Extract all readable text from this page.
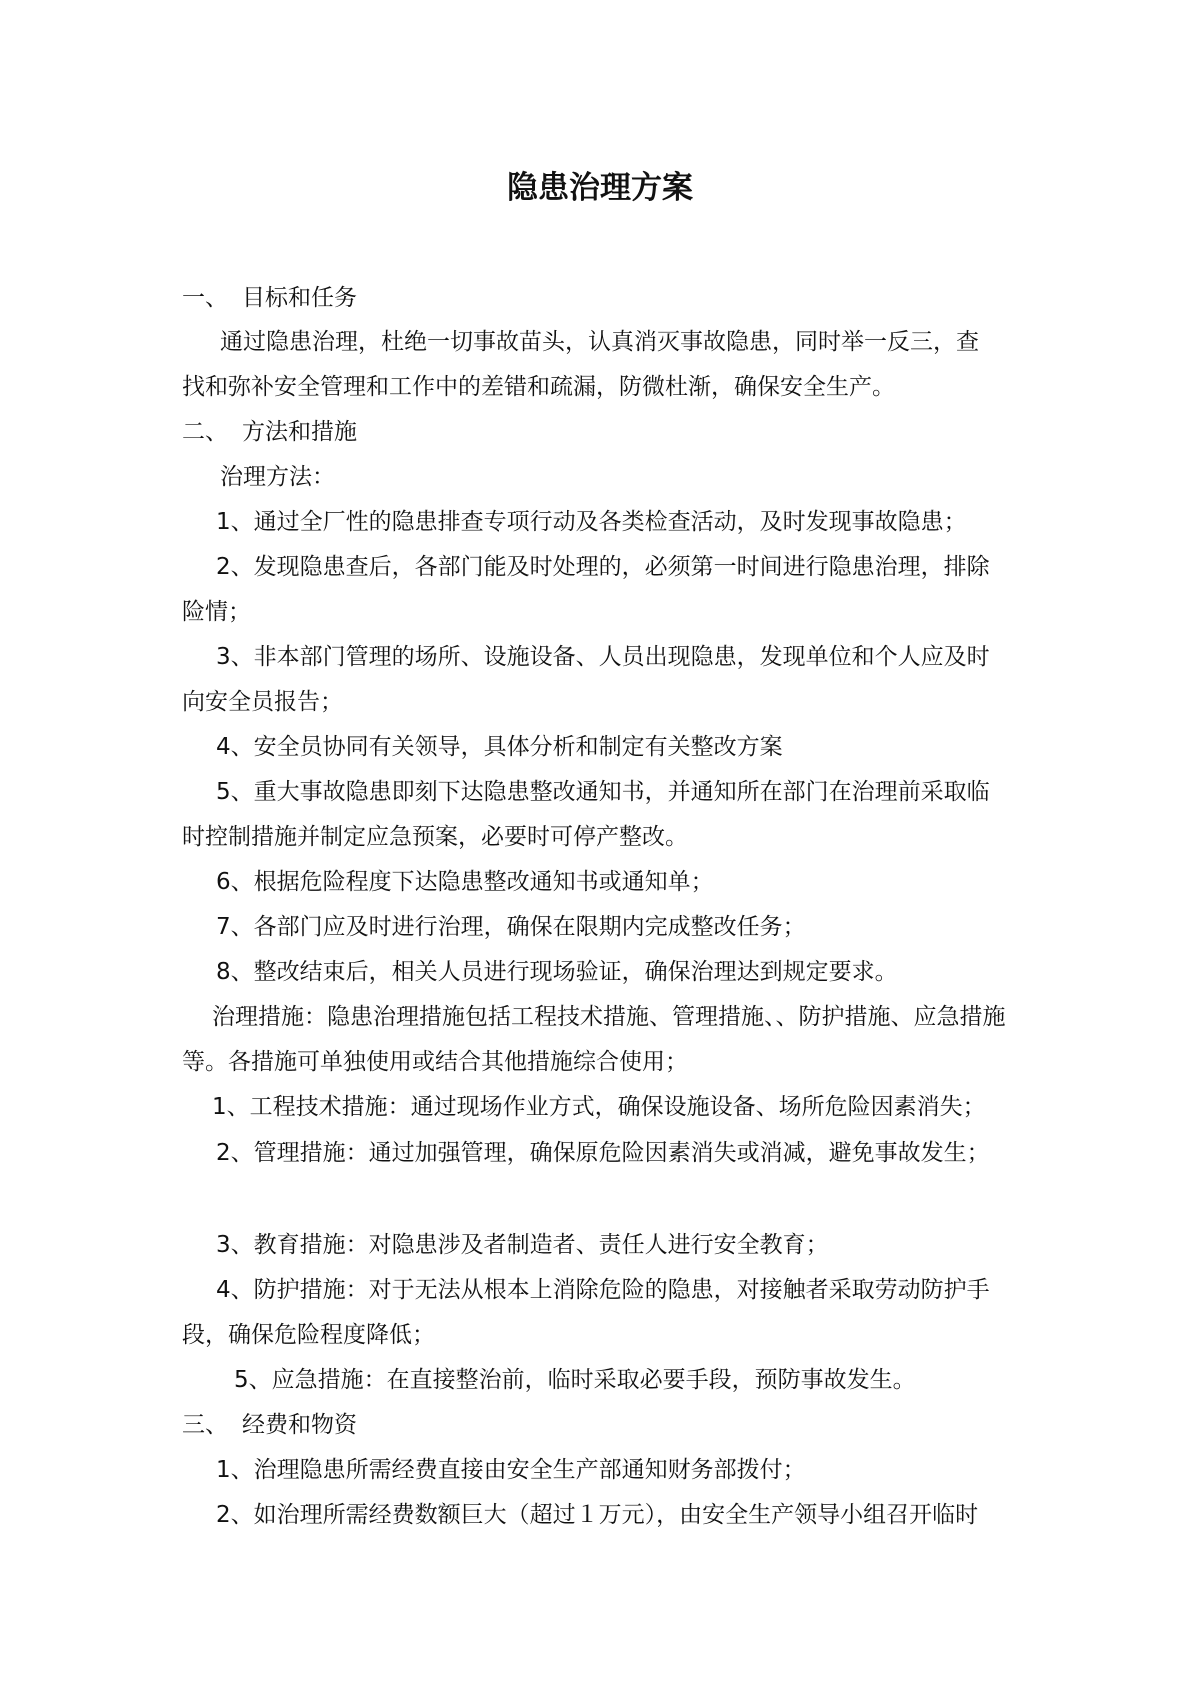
隐患治理方案
一、 目标和任务
通过隐患治理，杜绝一切事故苗头，认真消灭事故隐患，同时举一反三，查
找和弥补安全管理和工作中的差错和疏漏，防微杜渐，确保安全生产。
二、 方法和措施
治理方法：
1、通过全厂性的隐患排查专项行动及各类检查活动，及时发现事故隐患；
2、发现隐患查后，各部门能及时处理的，必须第一时间进行隐患治理，排除
险情；
3、非本部门管理的场所、设施设备、人员出现隐患，发现单位和个人应及时
向安全员报告；
4、安全员协同有关领导，具体分析和制定有关整改方案
5、重大事故隐患即刻下达隐患整改通知书，并通知所在部门在治理前采取临
时控制措施并制定应急预案，必要时可停产整改。
6、根据危险程度下达隐患整改通知书或通知单；
7、各部门应及时进行治理，确保在限期内完成整改任务；
8、整改结束后，相关人员进行现场验证，确保治理达到规定要求。
治理措施：隐患治理措施包括工程技术措施、管理措施、、防护措施、应急措施
等。各措施可单独使用或结合其他措施综合使用；
1、工程技术措施：通过现场作业方式，确保设施设备、场所危险因素消失；
2、管理措施：通过加强管理，确保原危险因素消失或消减，避免事故发生；
3、教育措施：对隐患涉及者制造者、责任人进行安全教育；
4、防护措施：对于无法从根本上消除危险的隐患，对接触者采取劳动防护手
段，确保危险程度降低；
5、应急措施：在直接整治前，临时采取必要手段，预防事故发生。
三、 经费和物资
1、治理隐患所需经费直接由安全生产部通知财务部拨付；
2、如治理所需经费数额巨大（超过１万元），由安全生产领导小组召开临时
